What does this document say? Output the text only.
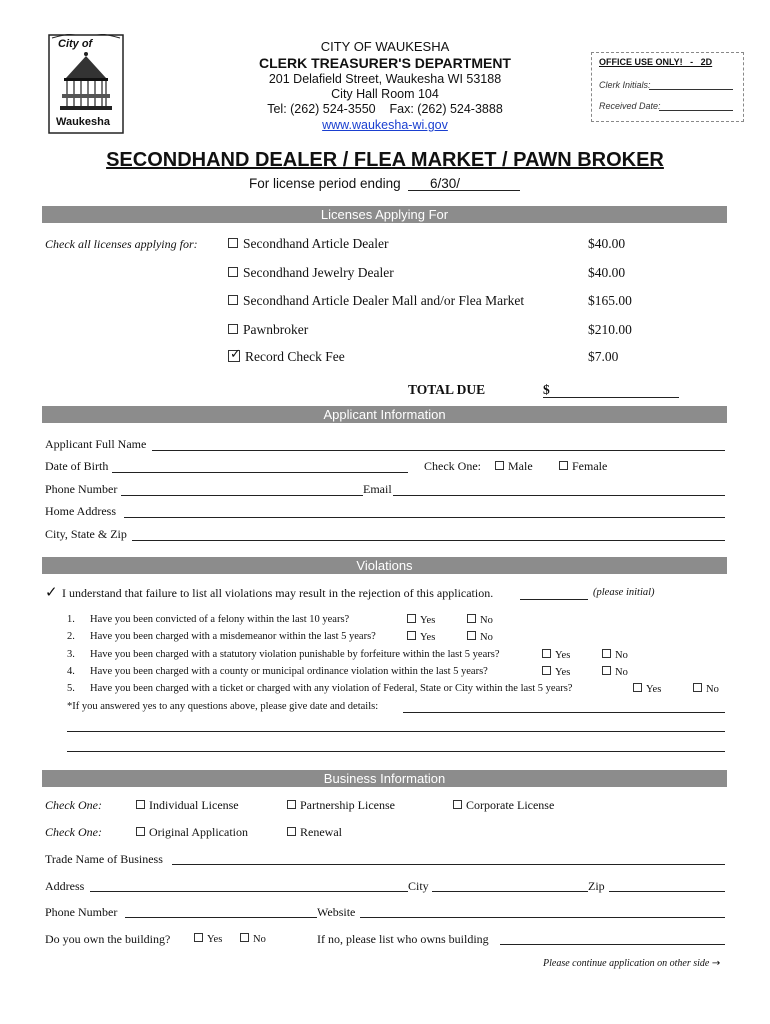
City of
Waukesha
CITY OF WAUKESHA
CLERK TREASURER'S DEPARTMENT
201 Delafield Street, Waukesha WI 53188
City Hall Room 104
Tel: (262) 524-3550    Fax: (262) 524-3888
www.waukesha-wi.gov
OFFICE USE ONLY!   -   2D
Clerk Initials:
Received Date:
SECONDHAND DEALER / FLEA MARKET / PAWN BROKER
For license period ending 6/30/
Licenses Applying For
Check all licenses applying for:	Secondhand Article Dealer	$40.00
Secondhand Jewelry Dealer	$40.00
Secondhand Article Dealer Mall and/or Flea Market	$165.00
Pawnbroker	$210.00
✓Record Check Fee	$7.00
TOTAL DUE	$
Applicant Information
Applicant Full Name
Date of Birth	Check One:	Male	Female
Phone Number	Email
Home Address
City, State & Zip
Violations
✓ I understand that failure to list all violations may result in the rejection of this application.	(please initial)
1. Have you been convicted of a felony within the last 10 years?	Yes	No
2. Have you been charged with a misdemeanor within the last 5 years?	Yes	No
3. Have you been charged with a statutory violation punishable by forfeiture within the last 5 years?	Yes	No
4. Have you been charged with a county or municipal ordinance violation within the last 5 years?	Yes	No
5. Have you been charged with a ticket or charged with any violation of Federal, State or City within the last 5 years?	Yes	No
*If you answered yes to any questions above, please give date and details:
Business Information
Check One:	Individual License	Partnership License	Corporate License
Check One:	Original Application	Renewal
Trade Name of Business
Address	City	Zip
Phone Number	Website
Do you own the building?	Yes	No	If no, please list who owns building
Please continue application on other side →
